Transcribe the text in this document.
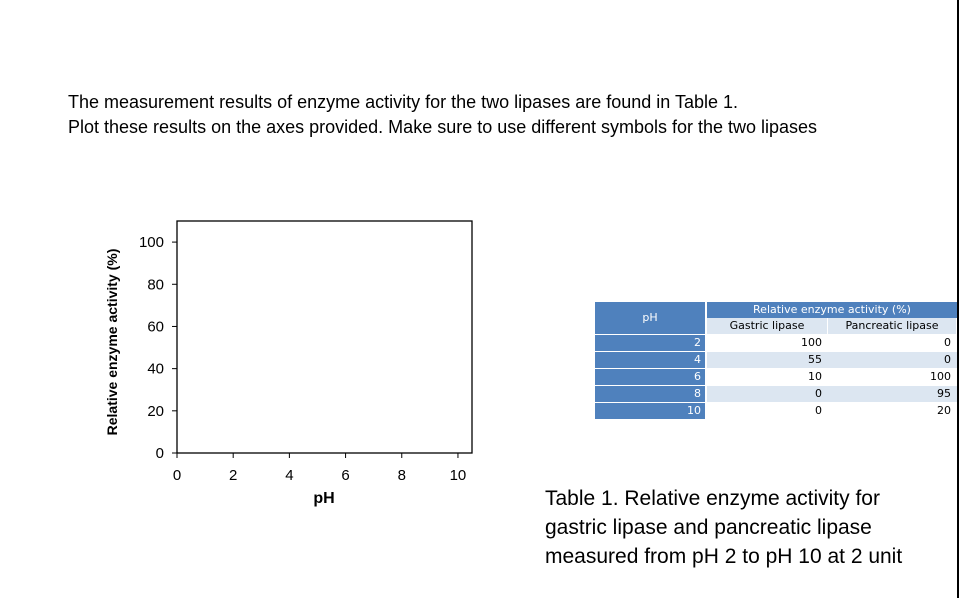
The measurement results of enzyme activity for the two lipases are found in Table 1.
Plot these results on the axes provided. Make sure to use different symbols for the two lipases
0	2	4	6	8	10
0
20
40
60
80
100
Relative enzyme activity (%)
pH
pH	Relative enzyme activity (%)	
	Gastric lipase	Pancreatic lipase
2	100	0
4	55	0
6	10	100
8	0	95
10	0	20
Table 1. Relative enzyme activity for
gastric lipase and pancreatic lipase
measured from pH 2 to pH 10 at 2 unit
